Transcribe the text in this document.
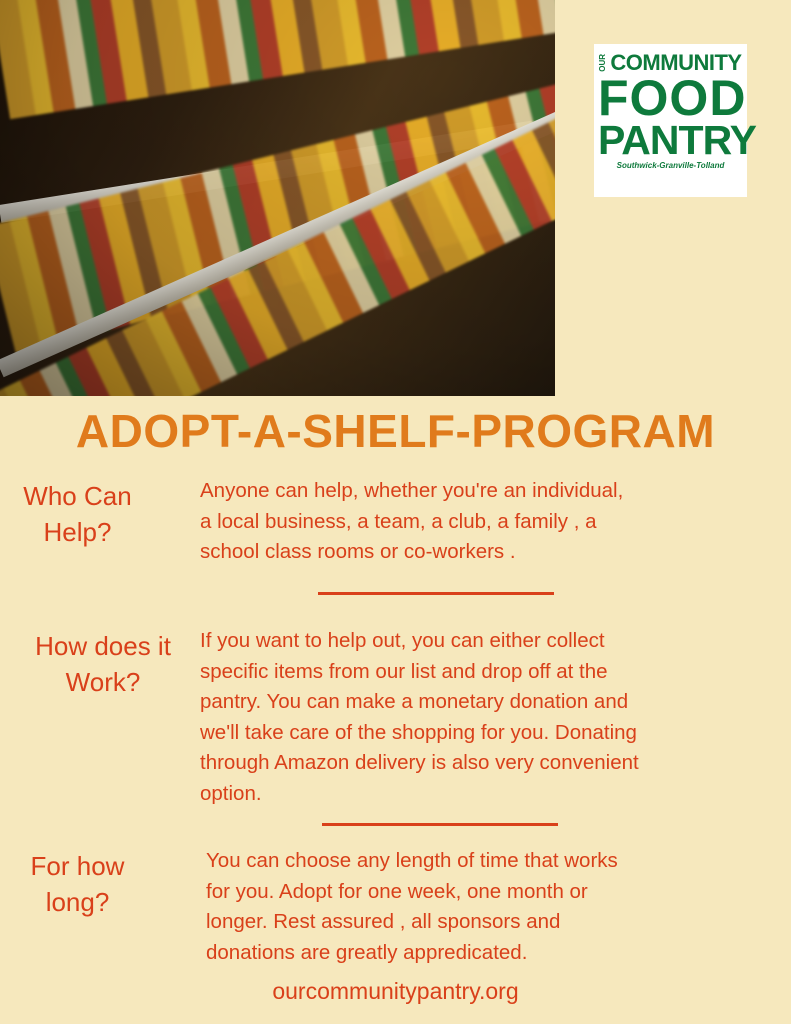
OUR COMMUNITY
FOOD
PANTRY
Southwick-Granville-Tolland
ADOPT-A-SHELF-PROGRAM
Who Can
Help?
Anyone can help, whether you're an individual,
a local business, a team, a club, a family , a
school class rooms or co-workers .
How does it
Work?
If you want to help out, you can either collect
specific items from our list and drop off at the
pantry. You can make a monetary donation and
we'll take care of the shopping for you. Donating
through Amazon delivery is also very convenient
option.
For how
long?
You can choose any length of time that works
for you. Adopt for one week, one month or
longer. Rest assured , all sponsors and
donations are greatly appredicated.
ourcommunitypantry.org
